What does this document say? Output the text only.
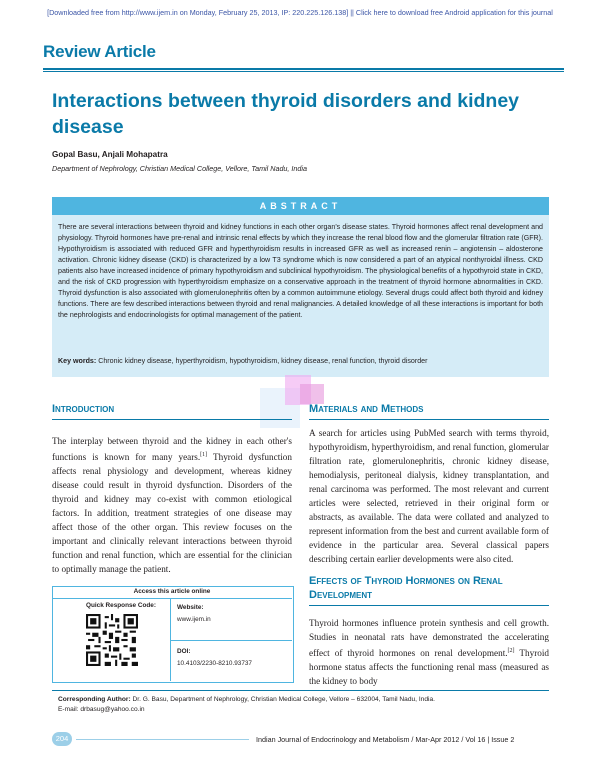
[Downloaded free from http://www.ijem.in on Monday, February 25, 2013, IP: 220.225.126.138] || Click here to download free Android application for this journal
Review Article
Interactions between thyroid disorders and kidney disease
Gopal Basu, Anjali Mohapatra
Department of Nephrology, Christian Medical College, Vellore, Tamil Nadu, India
ABSTRACT
There are several interactions between thyroid and kidney functions in each other organ's disease states. Thyroid hormones affect renal development and physiology. Thyroid hormones have pre-renal and intrinsic renal effects by which they increase the renal blood flow and the glomerular filtration rate (GFR). Hypothyroidism is associated with reduced GFR and hyperthyroidism results in increased GFR as well as increased renin – angiotensin – aldosterone activation. Chronic kidney disease (CKD) is characterized by a low T3 syndrome which is now considered a part of an atypical nonthyroidal illness. CKD patients also have increased incidence of primary hypothyroidism and subclinical hypothyroidism. The physiological benefits of a hypothyroid state in CKD, and the risk of CKD progression with hyperthyroidism emphasize on a conservative approach in the treatment of thyroid hormone abnormalities in CKD. Thyroid dysfunction is also associated with glomerulonephritis often by a common autoimmune etiology. Several drugs could affect both thyroid and kidney functions. There are few described interactions between thyroid and renal malignancies. A detailed knowledge of all these interactions is important for both the nephrologists and endocrinologists for optimal management of the patient.
Key words: Chronic kidney disease, hyperthyroidism, hypothyroidism, kidney disease, renal function, thyroid disorder
Introduction
The interplay between thyroid and the kidney in each other's functions is known for many years.[1] Thyroid dysfunction affects renal physiology and development, whereas kidney disease could result in thyroid dysfunction. Disorders of the thyroid and kidney may co-exist with common etiological factors. In addition, treatment strategies of one disease may affect those of the other organ. This review focuses on the important and clinically relevant interactions between thyroid function and renal function, which are essential for the clinician to optimally manage the patient.
Access this article online
Quick Response Code:	Website:
www.ijem.in
DOI:
10.4103/2230-8210.93737
Materials and Methods
A search for articles using PubMed search with terms thyroid, hypothyroidism, hyperthyroidism, and renal function, glomerular filtration rate, glomerulonephritis, chronic kidney disease, hemodialysis, peritoneal dialysis, kidney transplantation, and renal carcinoma was performed. The most relevant and current articles were selected, retrieved in their original form or abstracts, as available. The data were collated and analyzed to represent information from the best and current available form of evidence in the particular area. Several classical papers describing certain earlier developments were also cited.
Effects of Thyroid Hormones on Renal
Development
Thyroid hormones influence protein synthesis and cell growth. Studies in neonatal rats have demonstrated the accelerating effect of thyroid hormones on renal development.[2] Thyroid hormone status affects the functioning renal mass (measured as the kidney to body
Corresponding Author: Dr. G. Basu, Department of Nephrology, Christian Medical College, Vellore – 632004, Tamil Nadu, India.
E-mail: drbasug@yahoo.co.in
204	Indian Journal of Endocrinology and Metabolism / Mar-Apr 2012 / Vol 16 | Issue 2
